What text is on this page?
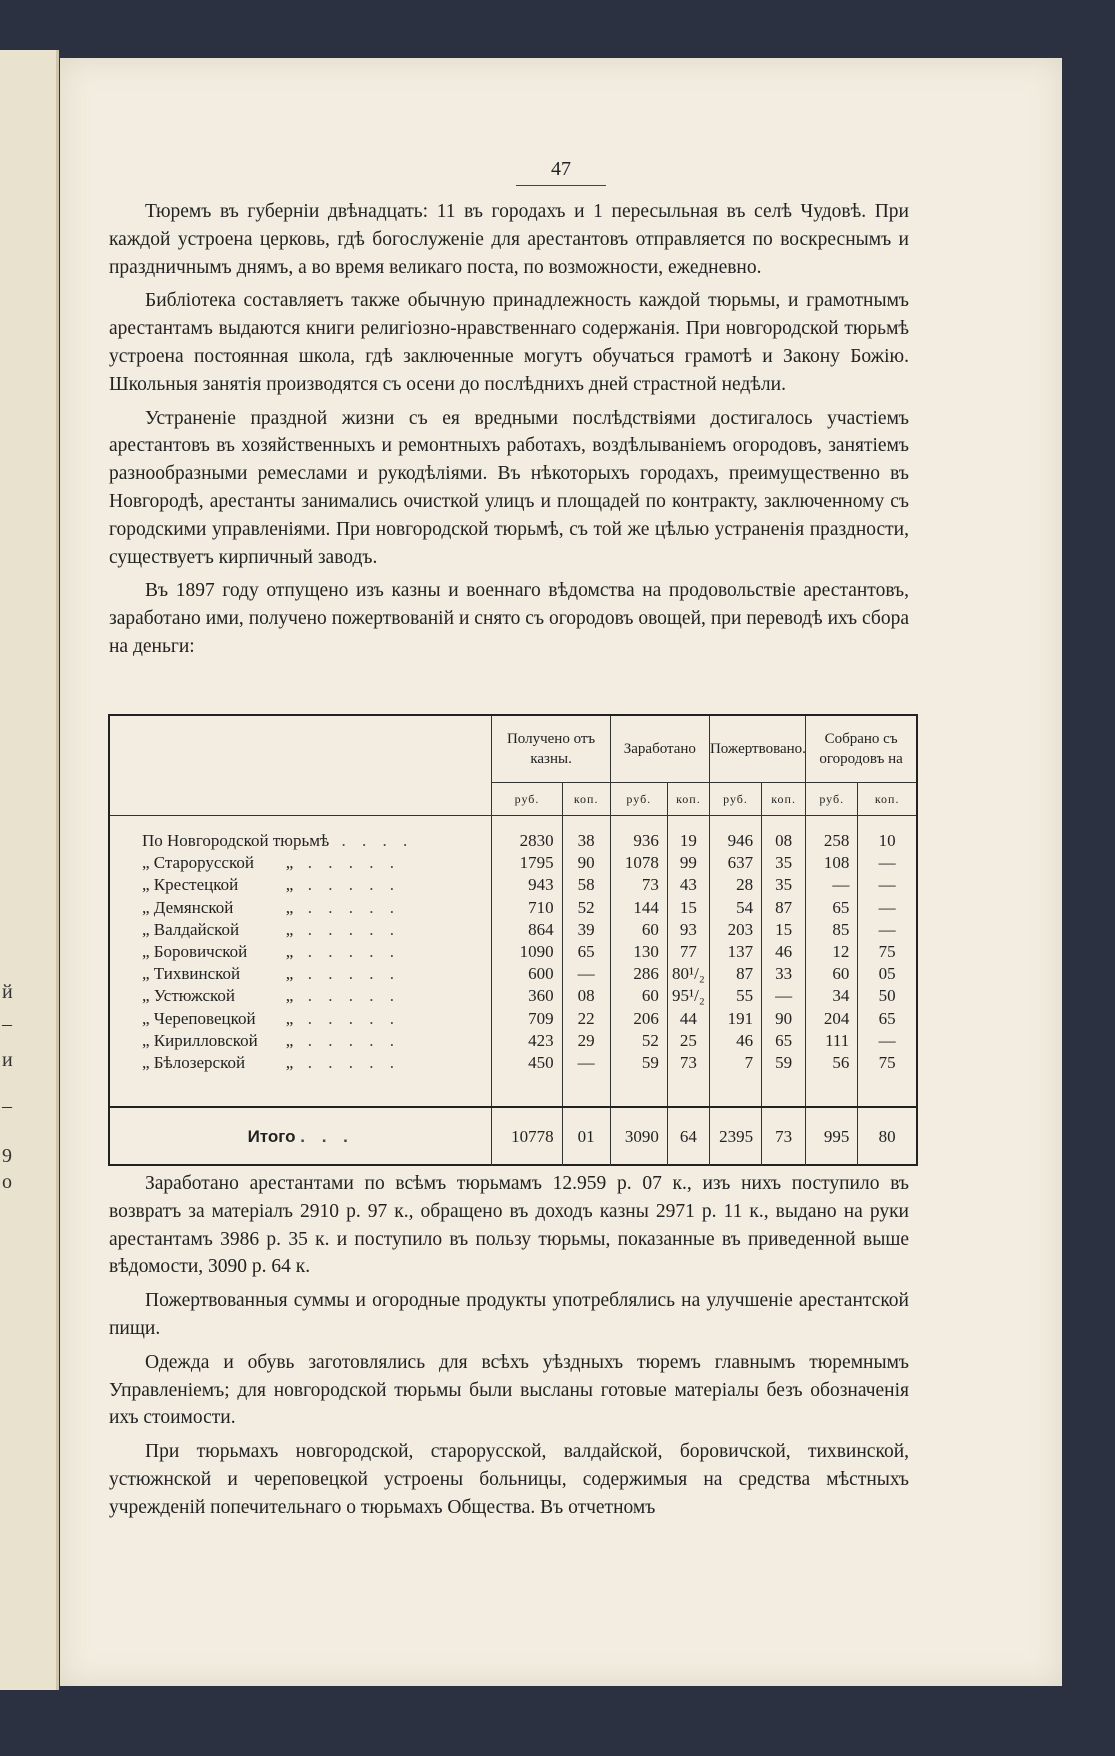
й
–
и
–
9
о
47

Тюремъ въ губерніи двѣнадцать: 11 въ городахъ и 1 пересыльная въ селѣ Чудовѣ. При каждой устроена церковь, гдѣ богослуженіе для арестантовъ отправляется по воскреснымъ и праздничнымъ днямъ, а во время великаго поста, по возможности, ежедневно.

Библіотека составляетъ также обычную принадлежность каждой тюрьмы, и грамотнымъ арестантамъ выдаются книги религіозно-нравственнаго содержанія. При новгородской тюрьмѣ устроена постоянная школа, гдѣ заключенные могутъ обучаться грамотѣ и Закону Божію. Школьныя занятія производятся съ осени до послѣднихъ дней страстной недѣли.

Устраненіе праздной жизни съ ея вредными послѣдствіями достигалось участіемъ арестантовъ въ хозяйственныхъ и ремонтныхъ работахъ, воздѣлываніемъ огородовъ, занятіемъ разнообразными ремеслами и рукодѣліями. Въ нѣкоторыхъ городахъ, преимущественно въ Новгородѣ, арестанты занимались очисткой улицъ и площадей по контракту, заключенному съ городскими управленіями. При новгородской тюрьмѣ, съ той же цѣлью устраненія праздности, существуетъ кирпичный заводъ.

Въ 1897 году отпущено изъ казны и военнаго вѣдомства на продовольствіе арестантовъ, заработано ими, получено пожертвованій и снято съ огородовъ овощей, при переводѣ ихъ сбора на деньги:

	Получено отъ казны.		Заработано		Пожертвовано.		Собрано съ огородовъ на	
	руб.	коп.	руб.	коп.	руб.	коп.	руб.	коп.

По Новгородской тюрьмѣ. . . . .	2830	38	936	19	946	08	258	10
„ Старорусской „ . . . . .	1795	90	1078	99	637	35	108	—
„ Крестецкой „ . . . . .	943	58	73	43	28	35	—	—
„ Демянской „ . . . . .	710	52	144	15	54	87	65	—
„ Валдайской „ . . . . .	864	39	60	93	203	15	85	—
„ Боровичской „ . . . . .	1090	65	130	77	137	46	12	75
„ Тихвинской „ . . . . .	600	—	286	80¹/₂	87	33	60	05
„ Устюжской „ . . . . .	360	08	60	95¹/₂	55	—	34	50
„ Череповецкой „ . . . . .	709	22	206	44	191	90	204	65
„ Кирилловской „ . . . . .	423	29	52	25	46	65	111	—
„ Бѣлозерской „ . . . . .	450	—	59	73	7	59	56	75

Итого . . .	10778	01	3090	64	2395	73	995	80

Заработано арестантами по всѣмъ тюрьмамъ 12.959 р. 07 к., изъ нихъ поступило въ возвратъ за матеріалъ 2910 р. 97 к., обращено въ доходъ казны 2971 р. 11 к., выдано на руки арестантамъ 3986 р. 35 к. и поступило въ пользу тюрьмы, показанные въ приведенной выше вѣдомости, 3090 р. 64 к.

Пожертвованныя суммы и огородные продукты употреблялись на улучшеніе арестантской пищи.

Одежда и обувь заготовлялись для всѣхъ уѣздныхъ тюремъ главнымъ тюремнымъ Управленіемъ; для новгородской тюрьмы были высланы готовые матеріалы безъ обозначенія ихъ стоимости.

При тюрьмахъ новгородской, старорусской, валдайской, боровичской, тихвинской, устюжнской и череповецкой устроены больницы, содержимыя на средства мѣстныхъ учрежденій попечительнаго о тюрьмахъ Общества. Въ отчетномъ
